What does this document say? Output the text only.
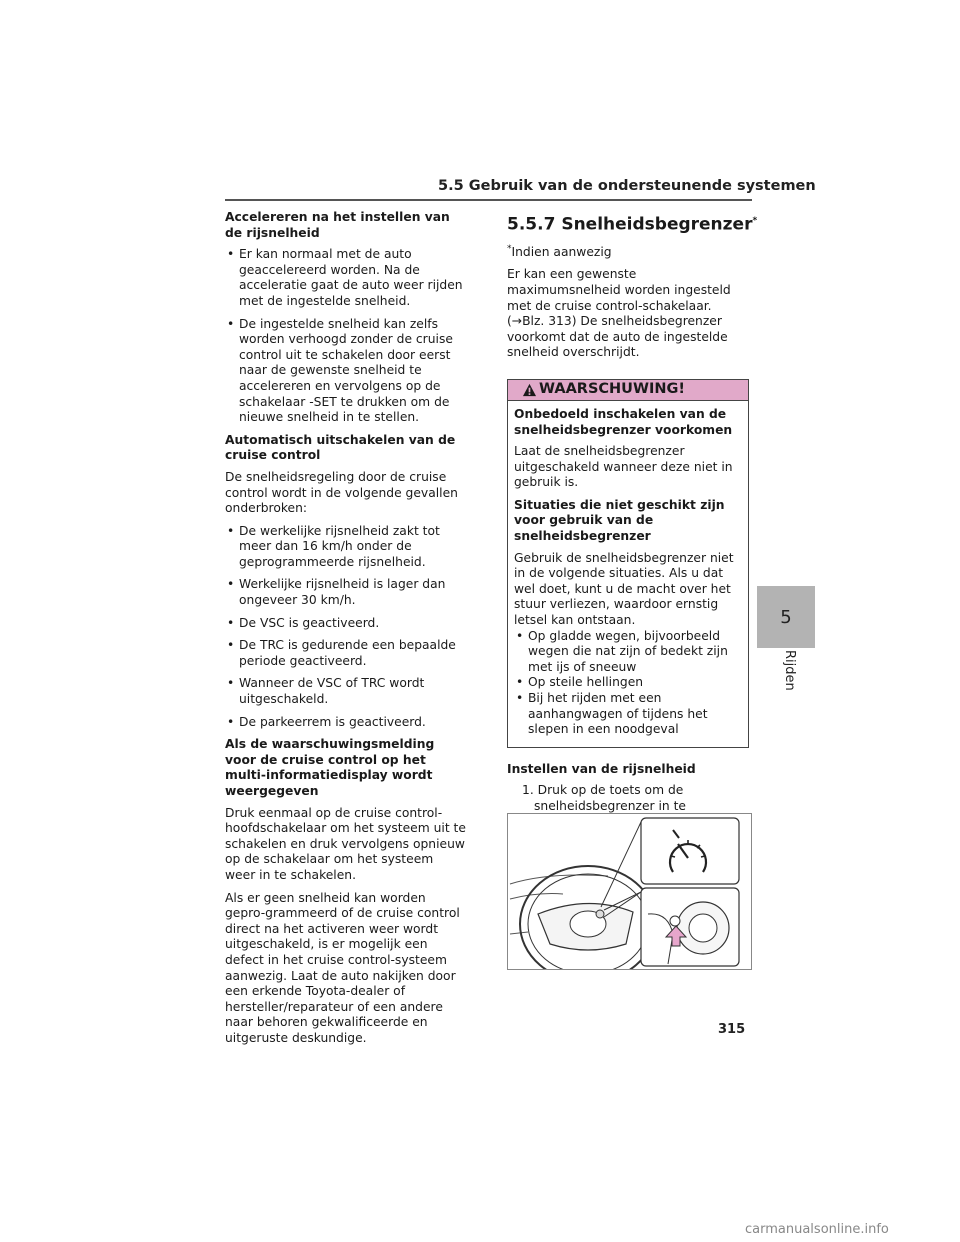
5.5 Gebruik van de ondersteunende systemen
Accelereren na het instellen van de rijsnelheid
• Er kan normaal met de auto geaccelereerd worden. Na de acceleratie gaat de auto weer rijden met de ingestelde snelheid.
• De ingestelde snelheid kan zelfs worden verhoogd zonder de cruise control uit te schakelen door eerst naar de gewenste snelheid te accelereren en vervolgens op de schakelaar -SET te drukken om de nieuwe snelheid in te stellen.
Automatisch uitschakelen van de cruise control

De snelheidsregeling door de cruise control wordt in de volgende gevallen onderbroken:

• De werkelijke rijsnelheid zakt tot meer dan 16 km/h onder de geprogrammeerde rijsnelheid.
• Werkelijke rijsnelheid is lager dan ongeveer 30 km/h.
• De VSC is geactiveerd.
• De TRC is gedurende een bepaalde periode geactiveerd.
• Wanneer de VSC of TRC wordt uitgeschakeld.
• De parkeerrem is geactiveerd.
Als de waarschuwingsmelding voor de cruise control op het multi-informatiedisplay wordt weergegeven

Druk eenmaal op de cruise control-hoofdschakelaar om het systeem uit te schakelen en druk vervolgens opnieuw op de schakelaar om het systeem weer in te schakelen.

Als er geen snelheid kan worden gepro-grammeerd of de cruise control direct na het activeren weer wordt uitgeschakeld, is er mogelijk een defect in het cruise control-systeem aanwezig. Laat de auto nakijken door een erkende Toyota-dealer of hersteller/reparateur of een andere naar behoren gekwalificeerde en uitgeruste deskundige.

5.5.7 Snelheidsbegrenzer*
*Indien aanwezig

Er kan een gewenste maximumsnelheid worden ingesteld met de cruise control-schakelaar. (→Blz. 313) De snelheidsbegrenzer voorkomt dat de auto de ingestelde snelheid overschrijdt.

WAARSCHUWING!
Onbedoeld inschakelen van de snelheidsbegrenzer voorkomen

Laat de snelheidsbegrenzer uitgeschakeld wanneer deze niet in gebruik is.

Situaties die niet geschikt zijn voor gebruik van de snelheidsbegrenzer

Gebruik de snelheidsbegrenzer niet in de volgende situaties. Als u dat wel doet, kunt u de macht over het stuur verliezen, waardoor ernstig letsel kan ontstaan.

• Op gladde wegen, bijvoorbeeld wegen die nat zijn of bedekt zijn met ijs of sneeuw
• Op steile hellingen
• Bij het rijden met een aanhangwagen of tijdens het slepen in een noodgeval
Instellen van de rijsnelheid
1. Druk op de toets om de snelheidsbegrenzer in te
5
Rijden
315
carmanualsonline.info
